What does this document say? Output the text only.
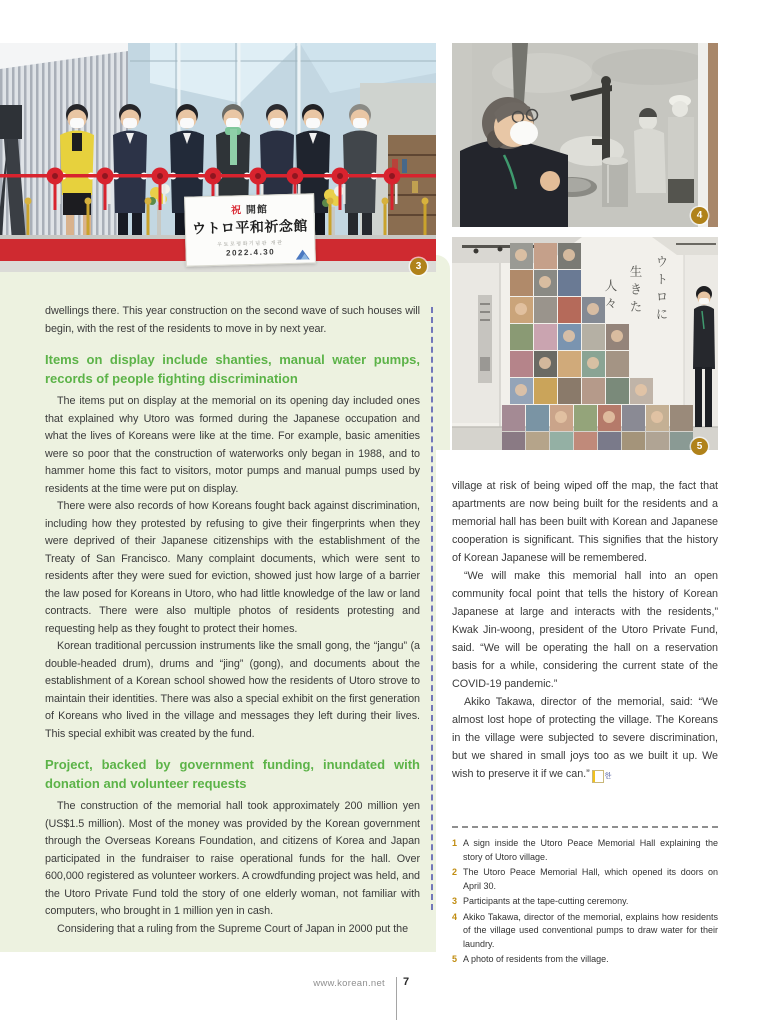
祝 開館
ウトロ平和祈念館
우토로평화기념관 개관
2022.4.30
ウトロに
生きた
人々
3
4
5

dwellings there. This year construction on the second wave of such houses will begin, with the rest of the residents to move in by next year.

Items on display include shanties, manual water pumps, records of people fighting discrimination

The items put on display at the memorial on its opening day included ones that explained why Utoro was formed during the Japanese occupation and what the lives of Koreans were like at the time. For example, basic amenities were so poor that the construction of waterworks only began in 1988, and to hammer home this fact to visitors, motor pumps and manual pumps used by residents at the time were put on display.

There were also records of how Koreans fought back against discrimination, including how they protested by refusing to give their fingerprints when they were deprived of their Japanese citizenships with the establishment of the Treaty of San Francisco. Many complaint documents, which were sent to residents after they were sued for eviction, showed just how large of a barrier the law posed for Koreans in Utoro, who had little knowledge of the law or land contracts. There were also multiple photos of residents protesting and requesting help as they fought to protect their homes.

Korean traditional percussion instruments like the small gong, the “jangu” (a double-headed drum), drums and “jing” (gong), and documents about the establishment of a Korean school showed how the residents of Utoro strove to maintain their identities. There was also a special exhibit on the first generation of Koreans who lived in the village and messages they left during their lives. This special exhibit was created by the fund.

Project, backed by government funding, inundated with donation and volunteer requests

The construction of the memorial hall took approximately 200 million yen (US$1.5 million). Most of the money was provided by the Korean government through the Overseas Koreans Foundation, and citizens of Korea and Japan participated in the fundraiser to raise operational funds for the hall. Over 600,000 registered as volunteer workers. A crowdfunding project was held, and the Utoro Private Fund told the story of one elderly woman, not familiar with computers, who brought in 1 million yen in cash.

Considering that a ruling from the Supreme Court of Japan in 2000 put the

village at risk of being wiped off the map, the fact that apartments are now being built for the residents and a memorial hall has been built with Korean and Japanese cooperation is significant. This signifies that the history of Korean Japanese will be remembered.

“We will make this memorial hall into an open community focal point that tells the history of Korean Japanese at large and interacts with the residents,” Kwak Jin-woong, president of the Utoro Private Fund, said. “We will be operating the hall on a reservation basis for a while, considering the current state of the COVID-19 pandemic.”

Akiko Takawa, director of the memorial, said: “We almost lost hope of protecting the village. The Koreans in the village were subjected to severe discrimination, but we shared in small joys too as we built it up. We wish to preserve it if we can.” 한

1 A sign inside the Utoro Peace Memorial Hall explaining the story of Utoro village.
2 The Utoro Peace Memorial Hall, which opened its doors on April 30.
3 Participants at the tape-cutting ceremony.
4 Akiko Takawa, director of the memorial, explains how residents of the village used conventional pumps to draw water for their laundry.
5 A photo of residents from the village.
www.korean.net 7
